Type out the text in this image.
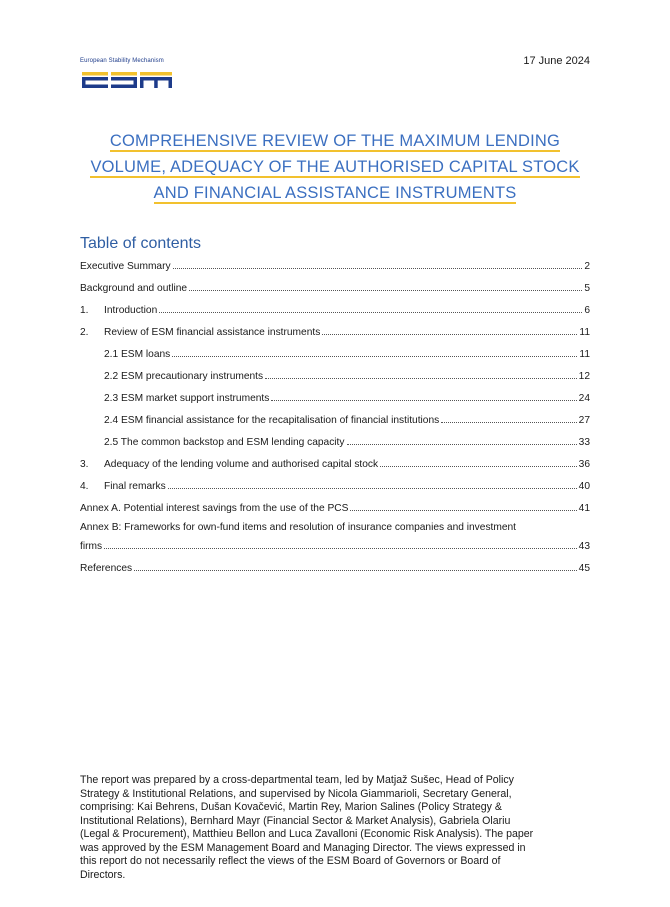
European Stability Mechanism	17 June 2024
COMPREHENSIVE REVIEW OF THE MAXIMUM LENDING
VOLUME, ADEQUACY OF THE AUTHORISED CAPITAL STOCK
AND FINANCIAL ASSISTANCE INSTRUMENTS
Table of contents
Executive Summary	2
Background and outline	5
1.	Introduction	6
2.	Review of ESM financial assistance instruments	11
2.1 ESM loans	11
2.2 ESM precautionary instruments	12
2.3 ESM market support instruments	24
2.4 ESM financial assistance for the recapitalisation of financial institutions	27
2.5 The common backstop and ESM lending capacity	33
3.	Adequacy of the lending volume and authorised capital stock	36
4.	Final remarks	40
Annex A. Potential interest savings from the use of the PCS	41
Annex B: Frameworks for own-fund items and resolution of insurance companies and investment
firms	43
References	45
The report was prepared by a cross-departmental team, led by Matjaž Sušec, Head of Policy
Strategy & Institutional Relations, and supervised by Nicola Giammarioli, Secretary General,
comprising: Kai Behrens, Dušan Kovačević, Martin Rey, Marion Salines (Policy Strategy &
Institutional Relations), Bernhard Mayr (Financial Sector & Market Analysis), Gabriela Olariu
(Legal & Procurement), Matthieu Bellon and Luca Zavalloni (Economic Risk Analysis). The paper
was approved by the ESM Management Board and Managing Director. The views expressed in
this report do not necessarily reflect the views of the ESM Board of Governors or Board of
Directors.
